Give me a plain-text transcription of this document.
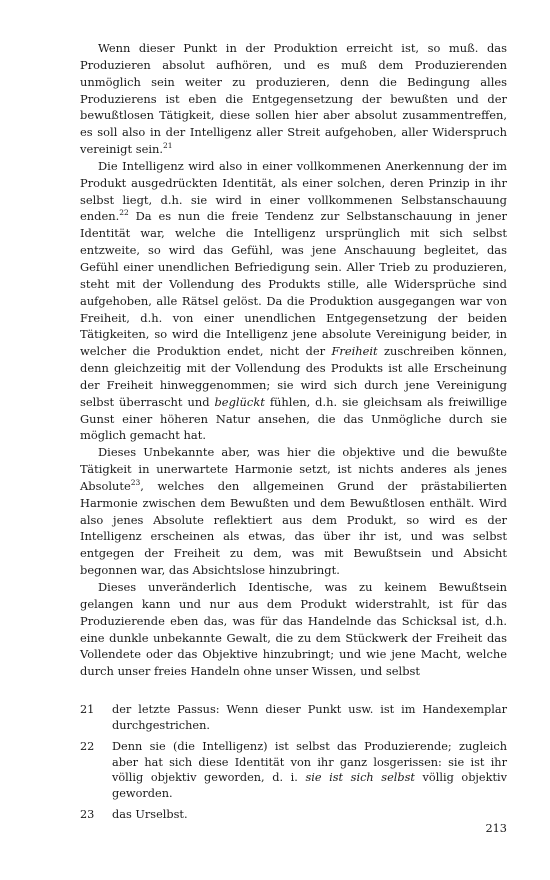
Wenn dieser Punkt in der Produktion erreicht ist, so muß. das Produzieren absolut aufhören, und es muß dem Produzierenden unmöglich sein weiter zu produzieren, denn die Bedingung alles Produzierens ist eben die Entgegensetzung der bewußten und der bewußtlosen Tätigkeit, diese sollen hier aber absolut zusammentreffen, es soll also in der Intelligenz aller Streit aufgehoben, aller Widerspruch vereinigt sein.$^{21}$

Die Intelligenz wird also in einer vollkommenen Anerkennung der im Produkt ausgedrückten Identität, als einer solchen, deren Prinzip in ihr selbst liegt, d.h. sie wird in einer vollkommenen Selbstanschauung enden.$^{22}$ Da es nun die freie Tendenz zur Selbstanschauung in jener Identität war, welche die Intelligenz ursprünglich mit sich selbst entzweite, so wird das Gefühl, was jene Anschauung begleitet, das Gefühl einer unendlichen Befriedigung sein. Aller Trieb zu produzieren, steht mit der Vollendung des Produkts stille, alle Widersprüche sind aufgehoben, alle Rätsel gelöst. Da die Produktion ausgegangen war von Freiheit, d.h. von einer unendlichen Entgegensetzung der beiden Tätigkeiten, so wird die Intelligenz jene absolute Vereinigung beider, in welcher die Produktion endet, nicht der Freiheit zuschreiben können, denn gleichzeitig mit der Vollendung des Produkts ist alle Erscheinung der Freiheit hinweggenommen; sie wird sich durch jene Vereinigung selbst überrascht und beglückt fühlen, d.h. sie gleichsam als freiwillige Gunst einer höheren Natur ansehen, die das Unmögliche durch sie möglich gemacht hat.

Dieses Unbekannte aber, was hier die objektive und die bewußte Tätigkeit in unerwartete Harmonie setzt, ist nichts anderes als jenes Absolute$^{23}$, welches den allgemeinen Grund der prästabilierten Harmonie zwischen dem Bewußten und dem Bewußtlosen enthält. Wird also jenes Absolute reflektiert aus dem Produkt, so wird es der Intelligenz erscheinen als etwas, das über ihr ist, und was selbst entgegen der Freiheit zu dem, was mit Bewußtsein und Absicht begonnen war, das Absichtslose hinzubringt.

Dieses unveränderlich Identische, was zu keinem Bewußtsein gelangen kann und nur aus dem Produkt widerstrahlt, ist für das Produzierende eben das, was für das Handelnde das Schicksal ist, d.h. eine dunkle unbekannte Gewalt, die zu dem Stückwerk der Freiheit das Vollendete oder das Objektive hinzubringt; und wie jene Macht, welche durch unser freies Handeln ohne unser Wissen, und selbst

21 der letzte Passus: Wenn dieser Punkt usw. ist im Handexemplar durchgestrichen.
22 Denn sie (die Intelligenz) ist selbst das Produzierende; zugleich aber hat sich diese Identität von ihr ganz losgerissen: sie ist ihr völlig objektiv geworden, d. i. sie ist sich selbst völlig objektiv geworden.
23 das Urselbst.
213
